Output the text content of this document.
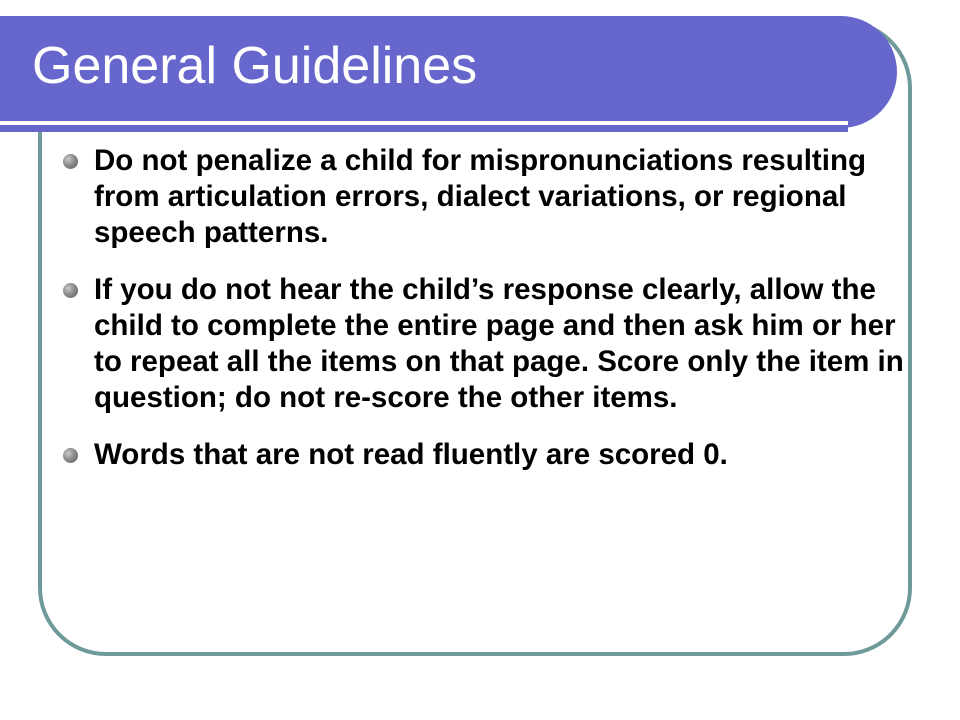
General Guidelines
Do not penalize a child for mispronunciations resulting from articulation errors, dialect variations, or regional speech patterns.
If you do not hear the child’s response clearly, allow the child to complete the entire page and then ask him or her to repeat all the items on that page. Score only the item in question; do not re-score the other items.
Words that are not read fluently are scored 0.
